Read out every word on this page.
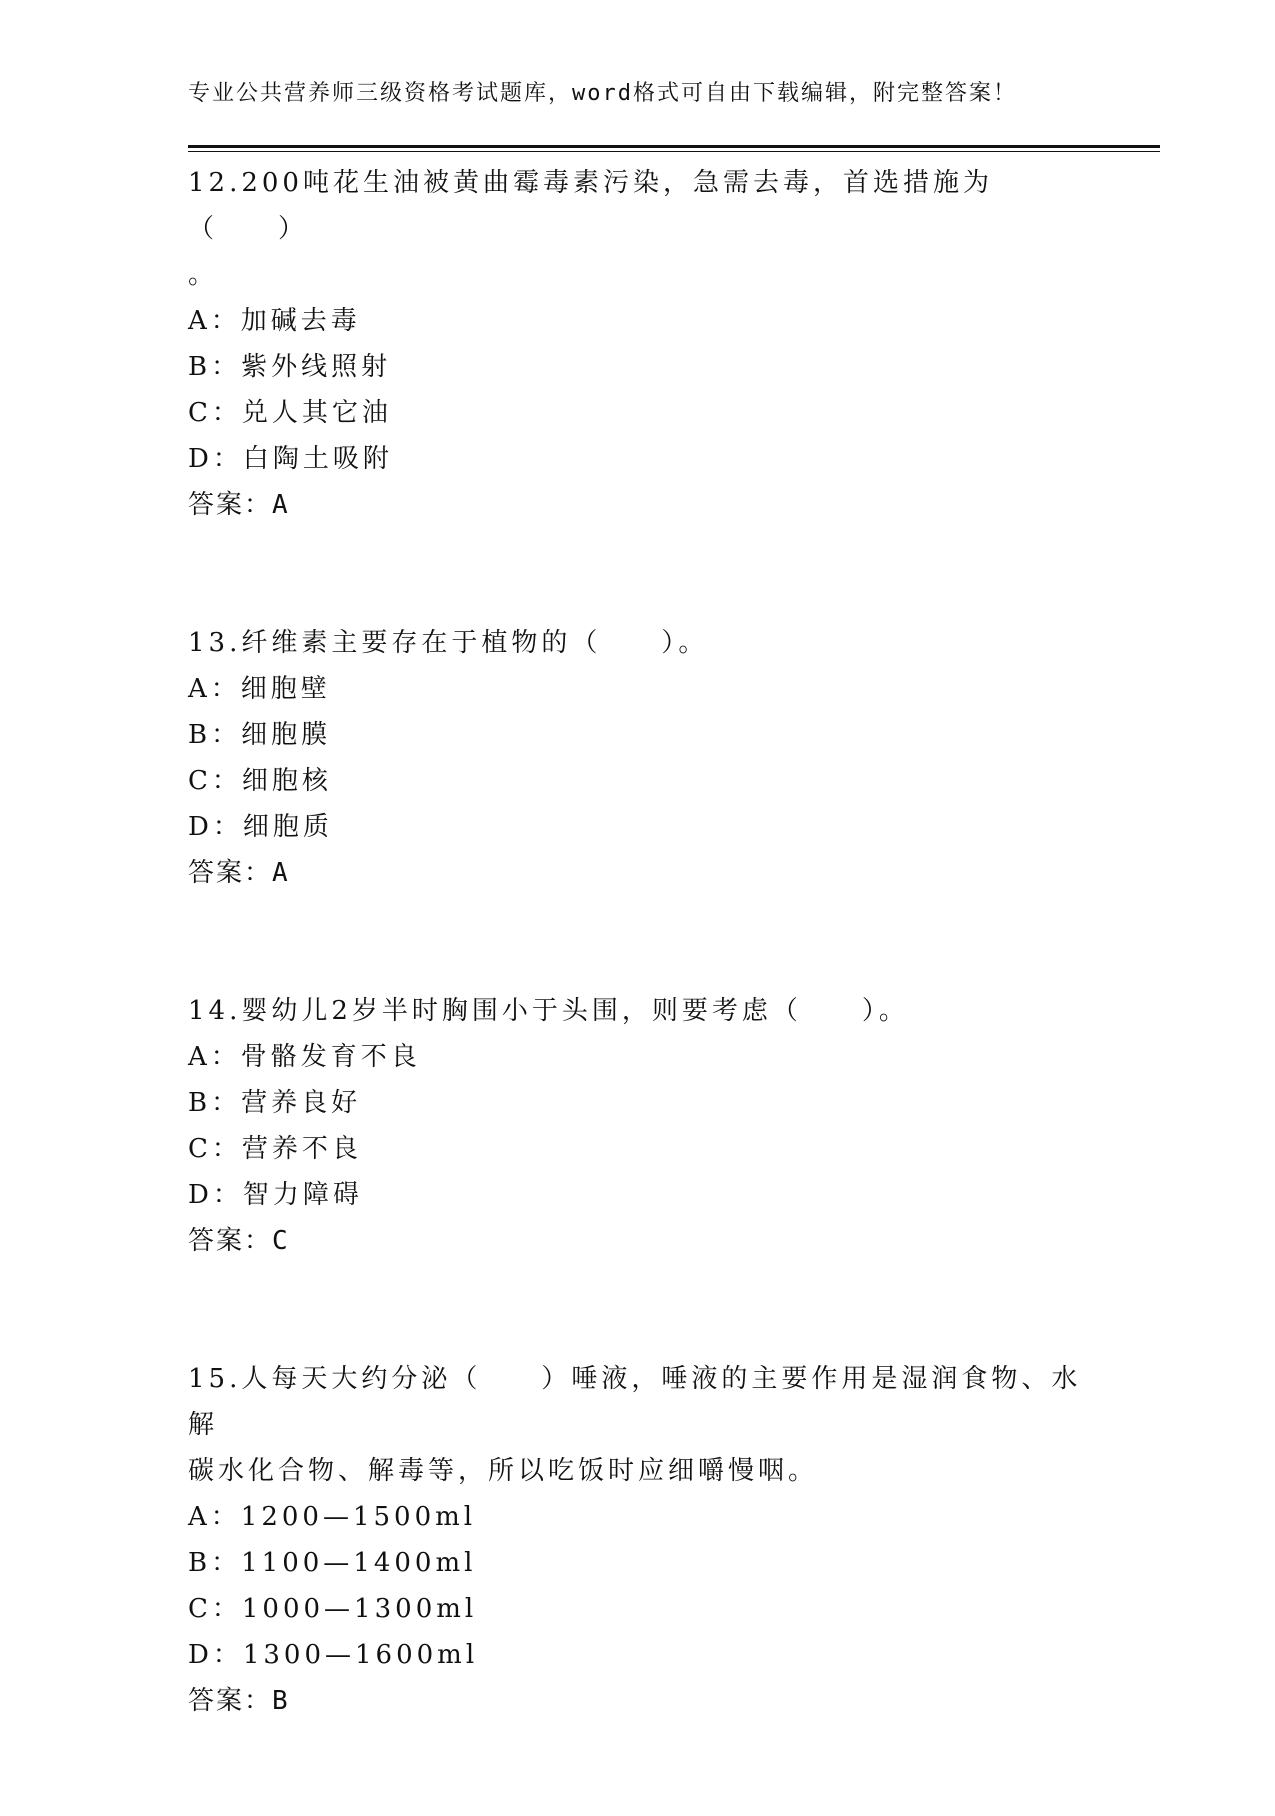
专业公共营养师三级资格考试题库，word格式可自由下载编辑，附完整答案！

12.200吨花生油被黄曲霉毒素污染，急需去毒，首选措施为（　　）

。

A：加碱去毒

B：紫外线照射

C：兑人其它油

D：白陶土吸附

答案：A

13.纤维素主要存在于植物的（　　）。

A：细胞壁

B：细胞膜

C：细胞核

D：细胞质

答案：A

14.婴幼儿2岁半时胸围小于头围，则要考虑（　　）。

A：骨骼发育不良

B：营养良好

C：营养不良

D：智力障碍

答案：C

15.人每天大约分泌（　　）唾液，唾液的主要作用是湿润食物、水解

碳水化合物、解毒等，所以吃饭时应细嚼慢咽。

A：1200—1500ml

B：1100—1400ml

C：1000—1300ml

D：1300—1600ml

答案：B
